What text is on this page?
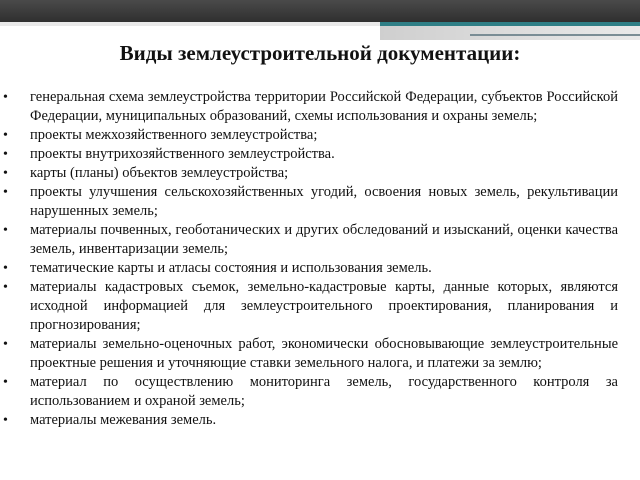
Виды землеустроительной документации:
• генеральная схема землеустройства территории Российской Федерации, субъектов Российской Федерации, муниципальных образований, схемы использования и охраны земель;
• проекты межхозяйственного землеустройства;
• проекты внутрихозяйственного землеустройства.
• карты (планы) объектов землеустройства;
• проекты улучшения сельскохозяйственных угодий, освоения новых земель, рекультивации нарушенных земель;
• материалы почвенных, геоботанических и других обследований и изысканий, оценки качества земель, инвентаризации земель;
• тематические карты и атласы состояния и использования земель.
• материалы кадастровых съемок, земельно-кадастровые карты, данные которых, являются исходной информацией для землеустроительного проектирования, планирования и прогнозирования;
• материалы земельно-оценочных работ, экономически обосновывающие землеустроительные проектные решения и уточняющие ставки земельного налога, и платежи за землю;
• материал по осуществлению мониторинга земель, государственного контроля за использованием и охраной земель;
• материалы межевания земель.
